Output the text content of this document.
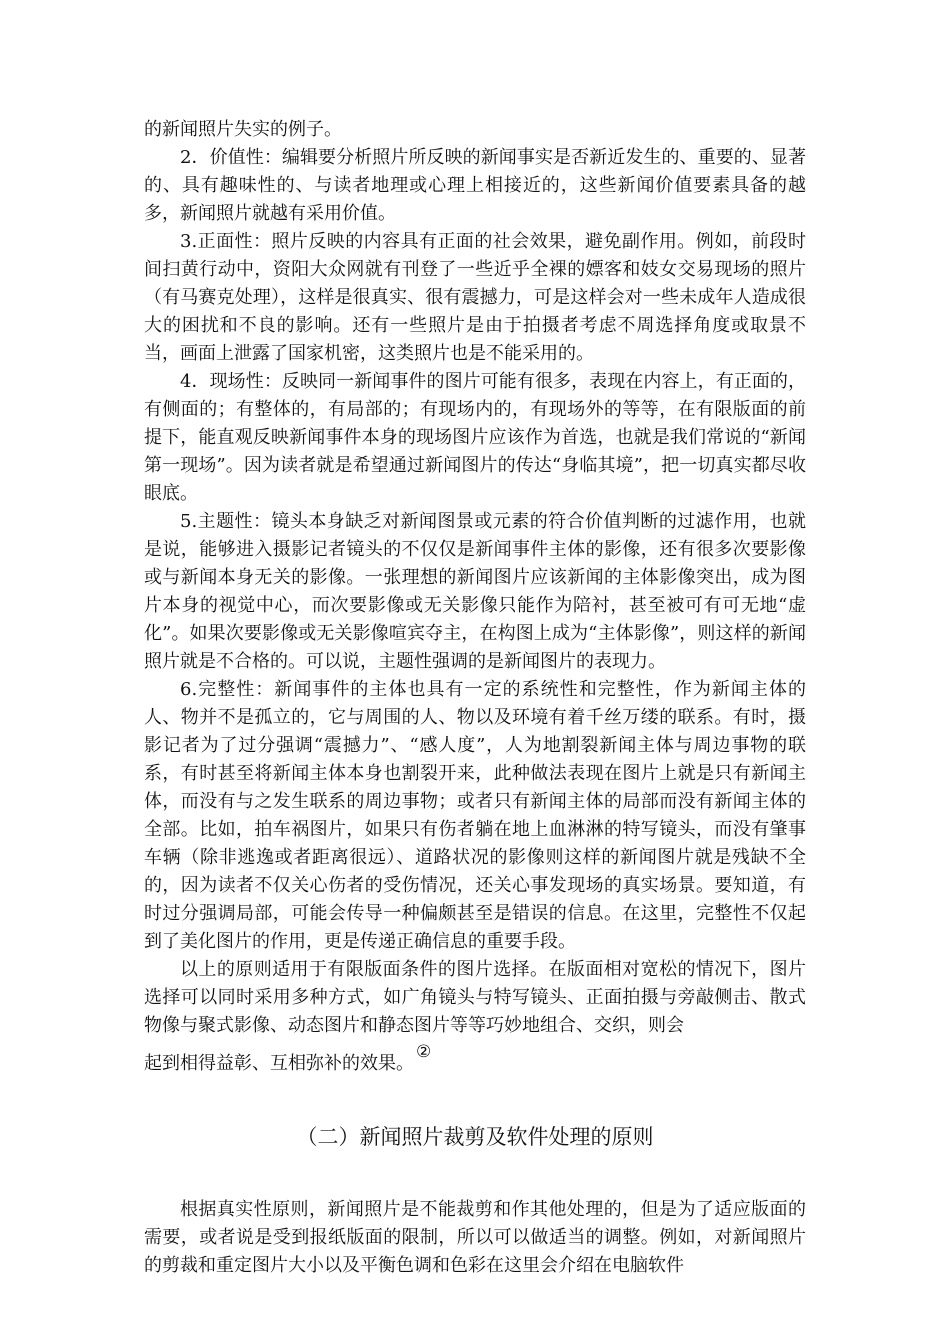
的新闻照片失实的例子。

2．价值性：编辑要分析照片所反映的新闻事实是否新近发生的、重要的、显著的、具有趣味性的、与读者地理或心理上相接近的，这些新闻价值要素具备的越多，新闻照片就越有采用价值。

3.正面性：照片反映的内容具有正面的社会效果，避免副作用。例如，前段时间扫黄行动中，资阳大众网就有刊登了一些近乎全裸的嫖客和妓女交易现场的照片（有马赛克处理），这样是很真实、很有震撼力，可是这样会对一些未成年人造成很大的困扰和不良的影响。还有一些照片是由于拍摄者考虑不周选择角度或取景不当，画面上泄露了国家机密，这类照片也是不能采用的。

4．现场性：反映同一新闻事件的图片可能有很多，表现在内容上，有正面的，有侧面的；有整体的，有局部的；有现场内的，有现场外的等等，在有限版面的前提下，能直观反映新闻事件本身的现场图片应该作为首选，也就是我们常说的“新闻第一现场”。因为读者就是希望通过新闻图片的传达“身临其境”，把一切真实都尽收眼底。

5.主题性：镜头本身缺乏对新闻图景或元素的符合价值判断的过滤作用，也就是说，能够进入摄影记者镜头的不仅仅是新闻事件主体的影像，还有很多次要影像或与新闻本身无关的影像。一张理想的新闻图片应该新闻的主体影像突出，成为图片本身的视觉中心，而次要影像或无关影像只能作为陪衬，甚至被可有可无地“虚化”。如果次要影像或无关影像喧宾夺主，在构图上成为“主体影像”，则这样的新闻照片就是不合格的。可以说，主题性强调的是新闻图片的表现力。

6.完整性：新闻事件的主体也具有一定的系统性和完整性，作为新闻主体的人、物并不是孤立的，它与周围的人、物以及环境有着千丝万缕的联系。有时，摄影记者为了过分强调“震撼力”、“感人度”，人为地割裂新闻主体与周边事物的联系，有时甚至将新闻主体本身也割裂开来，此种做法表现在图片上就是只有新闻主体，而没有与之发生联系的周边事物；或者只有新闻主体的局部而没有新闻主体的全部。比如，拍车祸图片，如果只有伤者躺在地上血淋淋的特写镜头，而没有肇事车辆（除非逃逸或者距离很远）、道路状况的影像则这样的新闻图片就是残缺不全的，因为读者不仅关心伤者的受伤情况，还关心事发现场的真实场景。要知道，有时过分强调局部，可能会传导一种偏颇甚至是错误的信息。在这里，完整性不仅起到了美化图片的作用，更是传递正确信息的重要手段。

以上的原则适用于有限版面条件的图片选择。在版面相对宽松的情况下，图片选择可以同时采用多种方式，如广角镜头与特写镜头、正面拍摄与旁敲侧击、散式物像与聚式影像、动态图片和静态图片等等巧妙地组合、交织，则会

起到相得益彰、互相弥补的效果。②

（二）新闻照片裁剪及软件处理的原则

根据真实性原则，新闻照片是不能裁剪和作其他处理的，但是为了适应版面的需要，或者说是受到报纸版面的限制，所以可以做适当的调整。例如，对新闻照片的剪裁和重定图片大小以及平衡色调和色彩在这里会介绍在电脑软件
